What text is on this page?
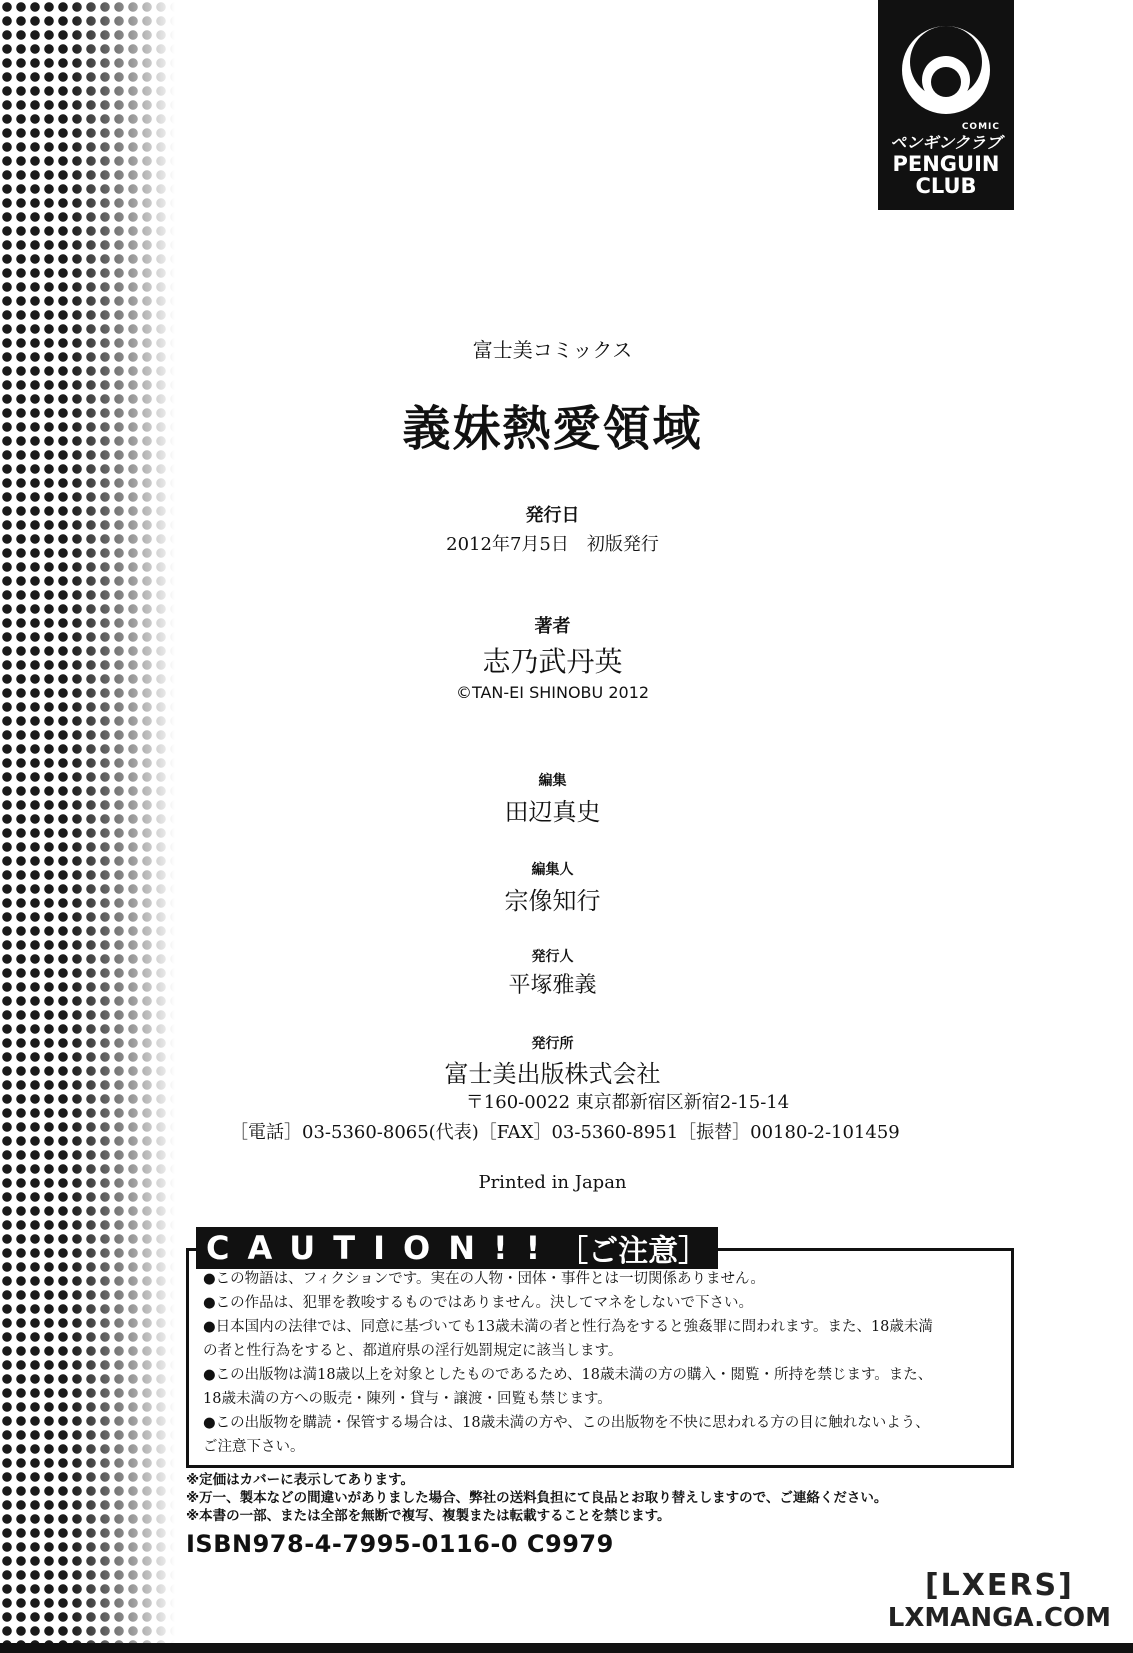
COMIC
ペンギンクラブ
PENGUIN
CLUB
富士美コミックス
義妹熱愛領域
発行日
2012年7月5日　初版発行
著者
志乃武丹英
©TAN-EI SHINOBU 2012
編集
田辺真史
編集人
宗像知行
発行人
平塚雅義
発行所
富士美出版株式会社
〒160-0022 東京都新宿区新宿2-15-14
［電話］03-5360-8065(代表)［FAX］03-5360-8951［振替］00180-2-101459
Printed in Japan

●この物語は、フィクションです。実在の人物・団体・事件とは一切関係ありません。

●この作品は、犯罪を教唆するものではありません。決してマネをしないで下さい。

●日本国内の法律では、同意に基づいても13歳未満の者と性行為をすると強姦罪に問われます。また、18歳未満

の者と性行為をすると、都道府県の淫行処罰規定に該当します。

●この出版物は満18歳以上を対象としたものであるため、18歳未満の方の購入・閲覧・所持を禁じます。また、

18歳未満の方への販売・陳列・貸与・譲渡・回覧も禁じます。

●この出版物を購読・保管する場合は、18歳未満の方や、この出版物を不快に思われる方の目に触れないよう、

ご注意下さい。

CAUTION!! ［ご注意］

※定価はカバーに表示してあります。

※万一、製本などの間違いがありました場合、弊社の送料負担にて良品とお取り替えしますので、ご連絡ください。

※本書の一部、または全部を無断で複写、複製または転載することを禁じます。

ISBN978-4-7995-0116-0 C9979
[LXERS]
LXMANGA.COM
